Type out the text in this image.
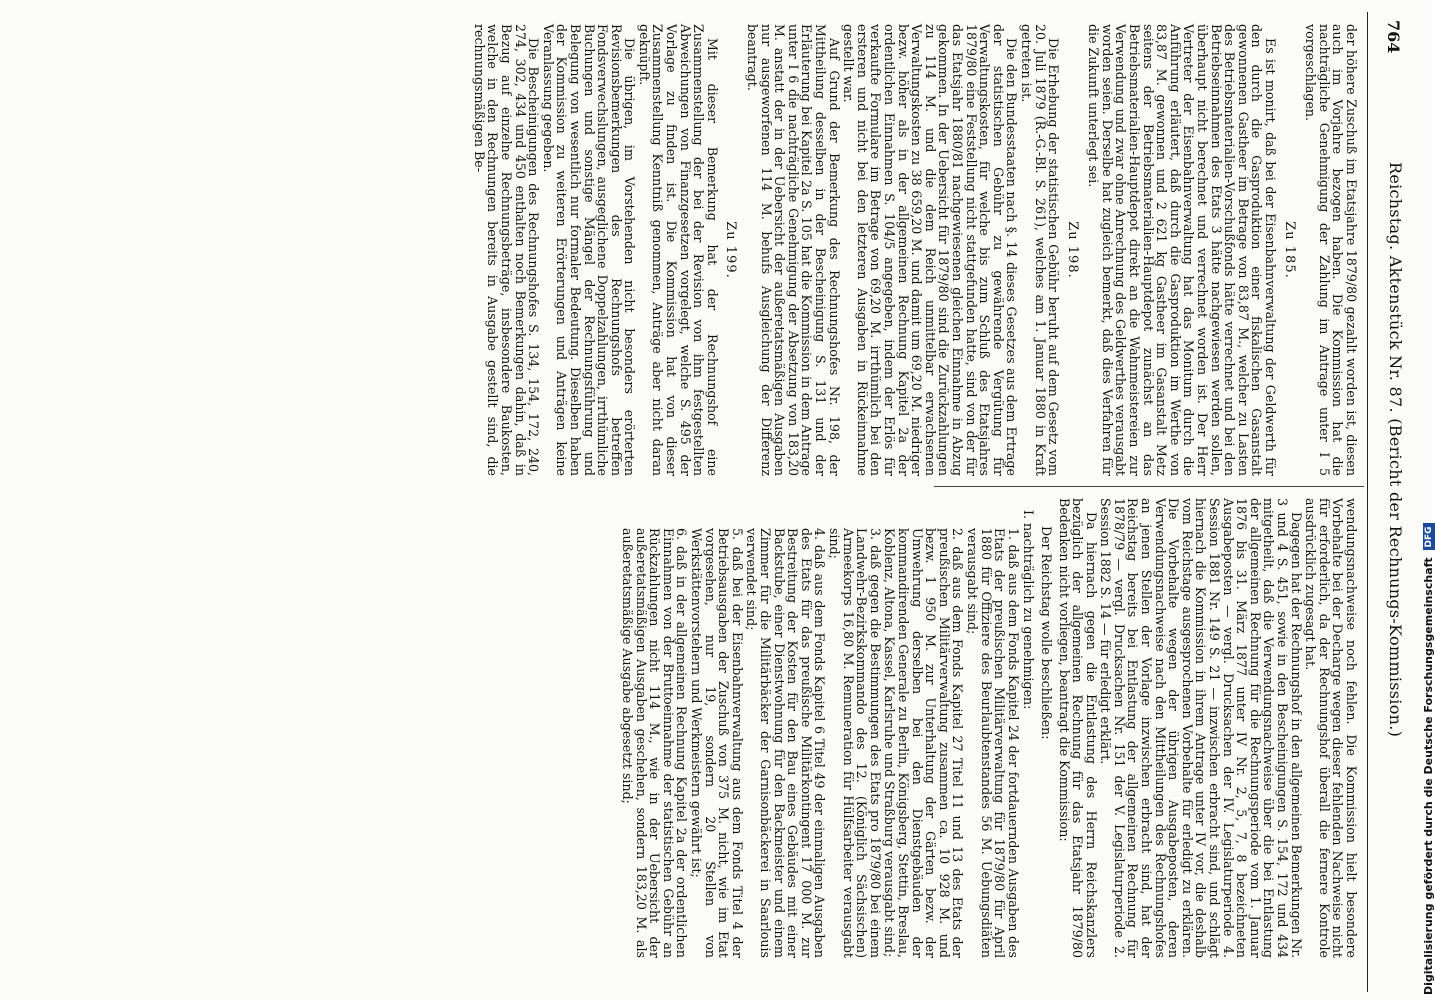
764
Reichstag. Aktenstück Nr. 87. (Bericht der Rechnungs-Kommission.)

der höhere Zuschuß im Etatsjahre 1879/80 gezahlt worden ist, diesen auch im Vorjahre bezogen haben. Die Kommission hat die nachträgliche Genehmigung der Zahlung im Antrage unter I 5 vorgeschlagen.

Zu 185.

Es ist monirt, daß bei der Eisenbahnverwaltung der Geldwerth für den durch die Gasproduktion einer fiskalischen Gasanstalt gewonnenen Gastheer im Betrage von 83,87 M., welcher zu Lasten des Betriebsmaterialien-Vorschußfonds hätte verrechnet und bei den Betriebseinnahmen des Etats 3 hätte nachgewiesen werden sollen, überhaupt nicht berechnet und verrechnet worden ist. Der Herr Vertreter der Eisenbahnverwaltung hat das Monitum durch die Anführung erläutert, daß durch die Gasproduktion im Werthe von 83,87 M. gewonnen und 2 621 kg Gastheer im Gasanstalt Metz seitens der Betriebsmaterialien-Hauptdepot zunächst an das Betriebsmaterialien-Hauptdepot direkt an die Wahnmeistereien zur Verwendung und zwar ohne Anrechnung des Geldwerthes verausgabt worden seien. Derselbe hat zugleich bemerkt, daß dies Verfahren für die Zukunft unterlegt sei.

Zu 198.

Die Erhebung der statistischen Gebühr beruht auf dem Gesetz vom 20. Juli 1879 (R.-G.-Bl. S. 261), welches am 1. Januar 1880 in Kraft getreten ist.

Die den Bundesstaaten nach §. 14 dieses Gesetzes aus dem Ertrage der statistischen Gebühr zu gewährende Vergütung für Verwaltungskosten, für welche bis zum Schluß des Etatsjahres 1879/80 eine Feststellung nicht stattgefunden hatte, sind von der für das Etatsjahr 1880/81 nachgewiesenen gleichen Einnahme in Abzug gekommen. In der Uebersicht für 1879/80 sind die Zurückzahlungen zu 114 M. und die dem Reich unmittelbar erwachsenen Verwaltungskosten zu 38 659,20 M. und damit um 69,20 M. niedriger bezw. höher als in der allgemeinen Rechnung Kapitel 2a der ordentlichen Einnahmen S. 104/5 angegeben, indem der Erlös für verkaufte Formulare im Betrage von 69,20 M. irrthümlich bei den ersteren und nicht bei den letzteren Ausgaben in Rückeinnahme gestellt war.

Auf Grund der Bemerkung des Rechnungshofes Nr. 198, der Mittheilung desselben in der Bescheinigung S. 131 und der Erläuterung bei Kapitel 2a S. 105 hat die Kommission in dem Antrage unter I 6 die nachträgliche Genehmigung der Absetzung von 183,20 M. anstatt der in der Uebersicht der außeretatsmäßigen Ausgaben nur ausgeworfenen 114 M. behufs Ausgleichung der Differenz beantragt.

Zu 199.

Mit dieser Bemerkung hat der Rechnungshof eine Zusammenstellung der bei der Revision von ihm festgestellten Abweichungen von Finanzgesetzen vorgelegt, welche S. 495 der Vorlage zu finden ist. Die Kommission hat von dieser Zusammenstellung Kenntniß genommen, Anträge aber nicht daran geknüpft.

Die übrigen, im Vorstehenden nicht besonders erörterten Revisionsbemerkungen des Rechnungshofs betreffen Fondsverwechslungen, ausgeglichene Doppelzahlungen, irrthümliche Buchungen und sonstige Mängel der Rechnungsführung und Belegung von wesentlich nur formaler Bedeutung. Dieselben haben der Kommission zu weiteren Erörterungen und Anträgen keine Veranlassung gegeben.

Die Bescheinigungen des Rechnungshofes S. 134, 154, 172, 240, 274, 302, 434 und 450 enthalten noch Bemerkungen dahin, daß in Bezug auf einzelne Rechnungsbeträge, insbesondere Baukosten, welche in den Rechnungen bereits in Ausgabe gestellt sind, die rechnungsmäßigen Be-

wendungsnachweise noch fehlen. Die Kommission hielt besondere Vorbehalte bei der Decharge wegen dieser fehlenden Nachweise nicht für erforderlich, da der Rechnungshof überall die fernere Kontrole ausdrücklich zugesagt hat.

Dagegen hat der Rechnungshof in den allgemeinen Bemerkungen Nr. 3 und 4 S. 451, sowie in den Bescheinigungen S. 154, 172 und 434 mitgetheilt, daß die Verwendungsnachweise über die bei Entlastung der allgemeinen Rechnung für die Rechnungsperiode vom 1. Januar 1876 bis 31. März 1877 unter IV Nr. 2, 5, 7, 8 bezeichneten Ausgabeposten — vergl. Drucksachen der IV. Legislaturperiode 4. Session 1881 Nr. 149 S. 21 — inzwischen erbracht sind, und schlägt hiernach die Kommission in ihrem Antrage unter IV vor, die deshalb vom Reichstage ausgesprochenen Vorbehalte für erledigt zu erklären. Die Vorbehalte wegen der übrigen Ausgabeposten, deren Verwendungsnachweise nach den Mittheilungen des Rechnungshofes an jenen Stellen der Vorlage inzwischen erbracht sind, hat der Reichstag bereits bei Entlastung der allgemeinen Rechnung für 1878/79 — vergl. Drucksachen Nr. 151 der V. Legislaturperiode 2. Session 1882 S. 14 — für erledigt erklärt.

Da hiernach gegen die Entlastung des Herrn Reichskanzlers bezüglich der allgemeinen Rechnung für das Etatsjahr 1879/80 Bedenken nicht vorliegen, beantragt die Kommission:

Der Reichstag wolle beschließen:

I. nachträglich zu genehmigen:
1. daß aus dem Fonds Kapitel 24 der fortdauernden Ausgaben des Etats der preußischen Militärverwaltung für 1879/80 für April 1880 für Offiziere des Beurlaubtenstandes 56 M. Uebungsdiäten verausgabt sind;
2. daß aus dem Fonds Kapitel 27 Titel 11 und 13 des Etats der preußischen Militärverwaltung zusammen ca. 10 928 M. und bezw. 1 950 M. zur Unterhaltung der Gärten bezw. der Umwehrung derselben bei den Dienstgebäuden der kommandirenden Generale zu Berlin, Königsberg, Stettin, Breslau, Koblenz, Altona, Kassel, Karlsruhe und Straßburg verausgabt sind;
3. daß gegen die Bestimmungen des Etats pro 1879/80 bei einem Landwehr-Bezirkskommando des 12. (Königlich Sächsischen) Armeekorps 16,80 M. Remuneration für Hülfsarbeiter verausgabt sind;
4. daß aus dem Fonds Kapitel 6 Titel 49 der einmaligen Ausgaben des Etats für das preußische Militärkontingent 17 000 M. zur Bestreitung der Kosten für den Bau eines Gebäudes mit einer Backstube, einer Dienstwohnung für den Backmeister und einem Zimmer für die Militärbäcker der Garnisonbäckerei in Saarlouis verwendet sind;
5. daß bei der Eisenbahnverwaltung aus dem Fonds Titel 4 der Betriebsausgaben der Zuschuß von 375 M. nicht, wie im Etat vorgesehen, nur 19, sondern 20 Stellen von Werkstättenvorstehern und Werkmeistern gewährt ist;
6. daß in der allgemeinen Rechnung Kapitel 2a der ordentlichen Einnahmen von der Bruttoeinnahme der statistischen Gebühr an Rückzahlungen nicht 114 M., wie in der Uebersicht der außeretatsmäßigen Ausgaben geschehen, sondern 183,20 M. als außeretatsmäßige Ausgabe abgesetzt sind;	Digitalisierung gefördert durch die Deutsche Forschungsgemeinschaft DFG
